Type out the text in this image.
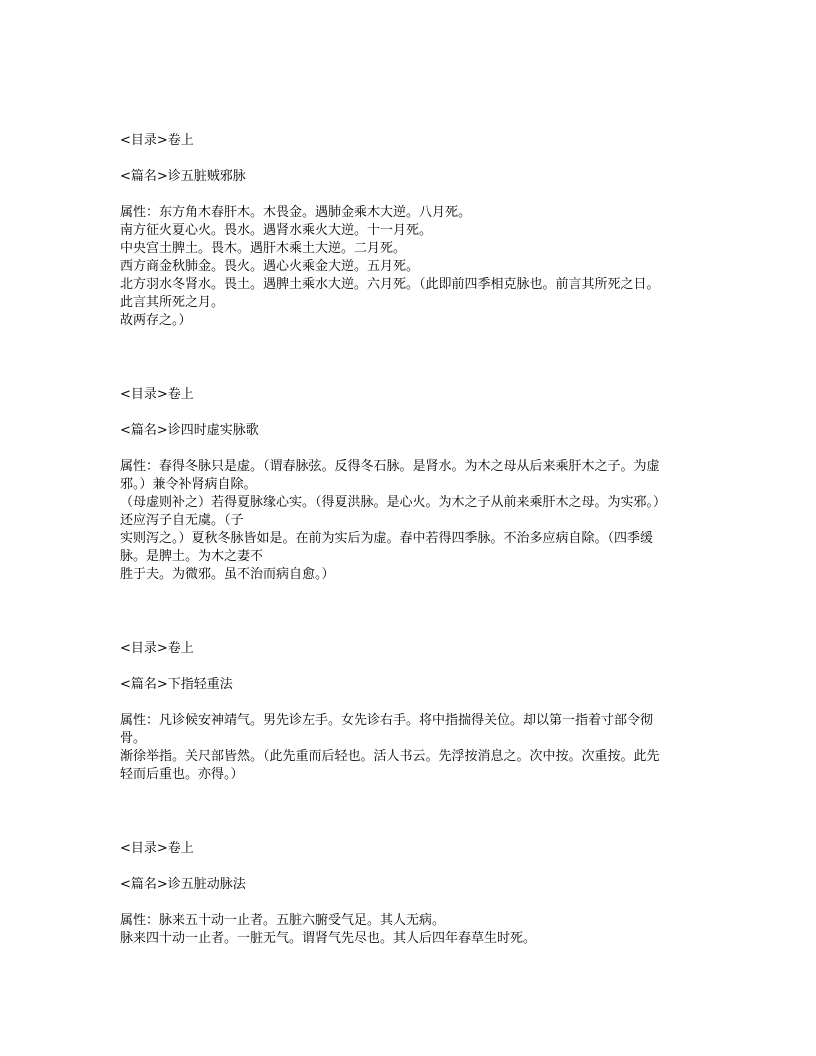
<目录>卷上
<篇名>诊五脏贼邪脉
属性：东方角木春肝木。木畏金。遇肺金乘木大逆。八月死。
南方征火夏心火。畏水。遇肾水乘火大逆。十一月死。
中央宫土脾土。畏木。遇肝木乘土大逆。二月死。
西方商金秋肺金。畏火。遇心火乘金大逆。五月死。
北方羽水冬肾水。畏土。遇脾土乘水大逆。六月死。（此即前四季相克脉也。前言其所死之日。
此言其所死之月。
故两存之。）
<目录>卷上
<篇名>诊四时虚实脉歌
属性：春得冬脉只是虚。（谓春脉弦。反得冬石脉。是肾水。为木之母从后来乘肝木之子。为虚
邪。）兼令补肾病自除。
（母虚则补之）若得夏脉缘心实。（得夏洪脉。是心火。为木之子从前来乘肝木之母。为实邪。）
还应泻子自无虞。（子
实则泻之。）夏秋冬脉皆如是。在前为实后为虚。春中若得四季脉。不治多应病自除。（四季缓
脉。是脾土。为木之妻不
胜于夫。为微邪。虽不治而病自愈。）
<目录>卷上
<篇名>下指轻重法
属性：凡诊候安神靖气。男先诊左手。女先诊右手。将中指揣得关位。却以第一指着寸部令彻
骨。
渐徐举指。关尺部皆然。（此先重而后轻也。活人书云。先浮按消息之。次中按。次重按。此先
轻而后重也。亦得。）
<目录>卷上
<篇名>诊五脏动脉法
属性：脉来五十动一止者。五脏六腑受气足。其人无病。
脉来四十动一止者。一脏无气。谓肾气先尽也。其人后四年春草生时死。
